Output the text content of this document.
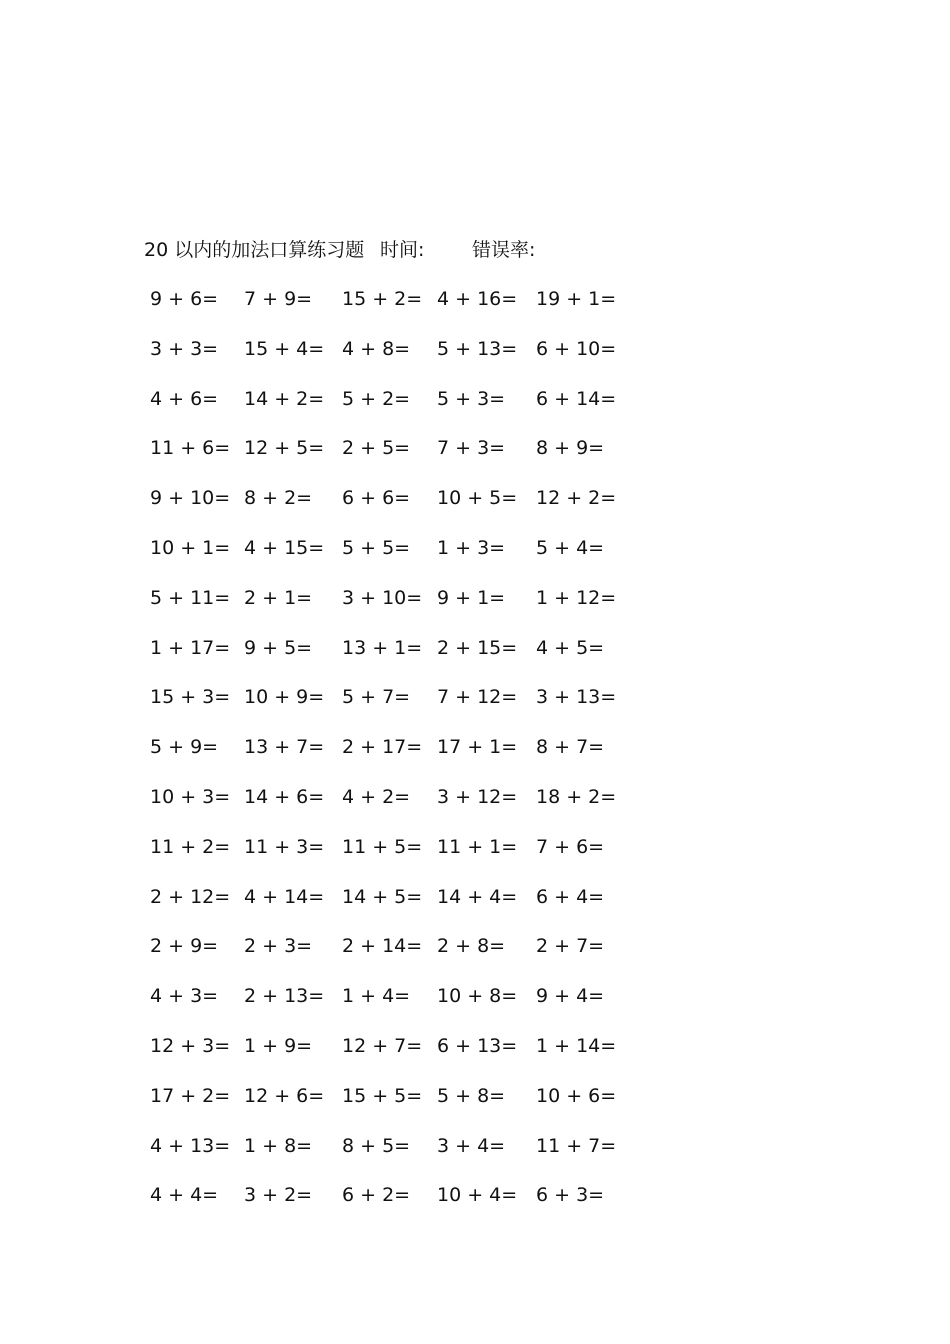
20 以内的加法口算练习题 时间:	错误率:
9 + 6= 7 + 9= 15 + 2= 4 + 16= 19 + 1=
3 + 3= 15 + 4= 4 + 8= 5 + 13= 6 + 10=
4 + 6= 14 + 2= 5 + 2= 5 + 3= 6 + 14=
11 + 6= 12 + 5= 2 + 5= 7 + 3= 8 + 9=
9 + 10= 8 + 2= 6 + 6= 10 + 5= 12 + 2=
10 + 1= 4 + 15= 5 + 5= 1 + 3= 5 + 4=
5 + 11= 2 + 1= 3 + 10= 9 + 1= 1 + 12=
1 + 17= 9 + 5= 13 + 1= 2 + 15= 4 + 5=
15 + 3= 10 + 9= 5 + 7= 7 + 12= 3 + 13=
5 + 9= 13 + 7= 2 + 17= 17 + 1= 8 + 7=
10 + 3= 14 + 6= 4 + 2= 3 + 12= 18 + 2=
11 + 2= 11 + 3= 11 + 5= 11 + 1= 7 + 6=
2 + 12= 4 + 14= 14 + 5= 14 + 4= 6 + 4=
2 + 9= 2 + 3= 2 + 14= 2 + 8= 2 + 7=
4 + 3= 2 + 13= 1 + 4= 10 + 8= 9 + 4=
12 + 3= 1 + 9= 12 + 7= 6 + 13= 1 + 14=
17 + 2= 12 + 6= 15 + 5= 5 + 8= 10 + 6=
4 + 13= 1 + 8= 8 + 5= 3 + 4= 11 + 7=
4 + 4= 3 + 2= 6 + 2= 10 + 4= 6 + 3=
